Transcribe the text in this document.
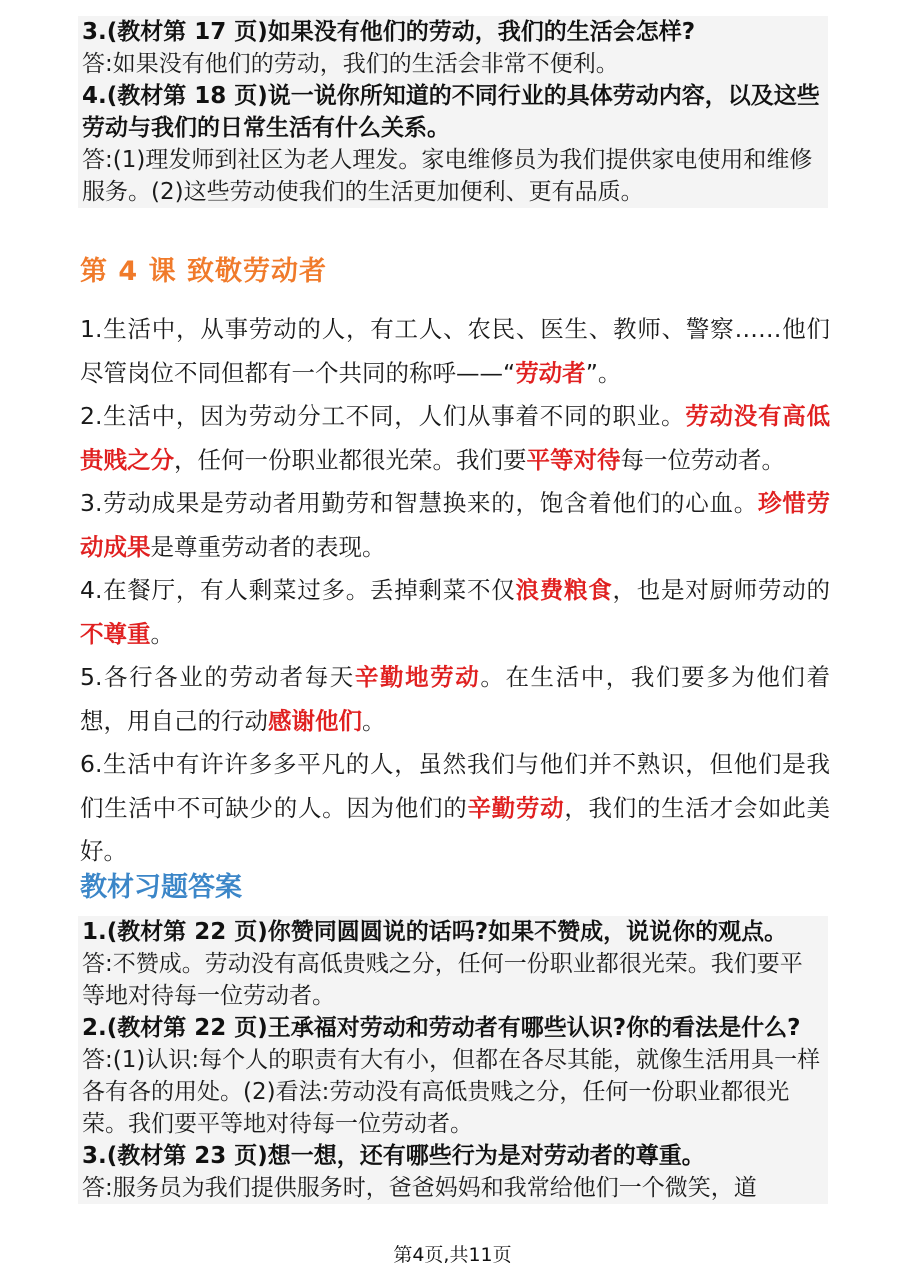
3.(教材第 17 页)如果没有他们的劳动，我们的生活会怎样?

答:如果没有他们的劳动，我们的生活会非常不便利。

4.(教材第 18 页)说一说你所知道的不同行业的具体劳动内容，以及这些劳动与我们的日常生活有什么关系。

答:(1)理发师到社区为老人理发。家电维修员为我们提供家电使用和维修服务。(2)这些劳动使我们的生活更加便利、更有品质。

第 4 课 致敬劳动者

1.生活中，从事劳动的人，有工人、农民、医生、教师、警察……他们尽管岗位不同但都有一个共同的称呼——“劳动者”。

2.生活中，因为劳动分工不同，人们从事着不同的职业。劳动没有高低贵贱之分，任何一份职业都很光荣。我们要平等对待每一位劳动者。

3.劳动成果是劳动者用勤劳和智慧换来的，饱含着他们的心血。珍惜劳动成果是尊重劳动者的表现。

4.在餐厅，有人剩菜过多。丢掉剩菜不仅浪费粮食，也是对厨师劳动的不尊重。

5.各行各业的劳动者每天辛勤地劳动。在生活中，我们要多为他们着想，用自己的行动感谢他们。

6.生活中有许许多多平凡的人，虽然我们与他们并不熟识，但他们是我们生活中不可缺少的人。因为他们的辛勤劳动，我们的生活才会如此美好。

教材习题答案

1.(教材第 22 页)你赞同圆圆说的话吗?如果不赞成，说说你的观点。

答:不赞成。劳动没有高低贵贱之分，任何一份职业都很光荣。我们要平等地对待每一位劳动者。

2.(教材第 22 页)王承福对劳动和劳动者有哪些认识?你的看法是什么?

答:(1)认识:每个人的职责有大有小，但都在各尽其能，就像生活用具一样各有各的用处。(2)看法:劳动没有高低贵贱之分，任何一份职业都很光荣。我们要平等地对待每一位劳动者。

3.(教材第 23 页)想一想，还有哪些行为是对劳动者的尊重。

答:服务员为我们提供服务时，爸爸妈妈和我常给他们一个微笑，道

第4页,共11页
